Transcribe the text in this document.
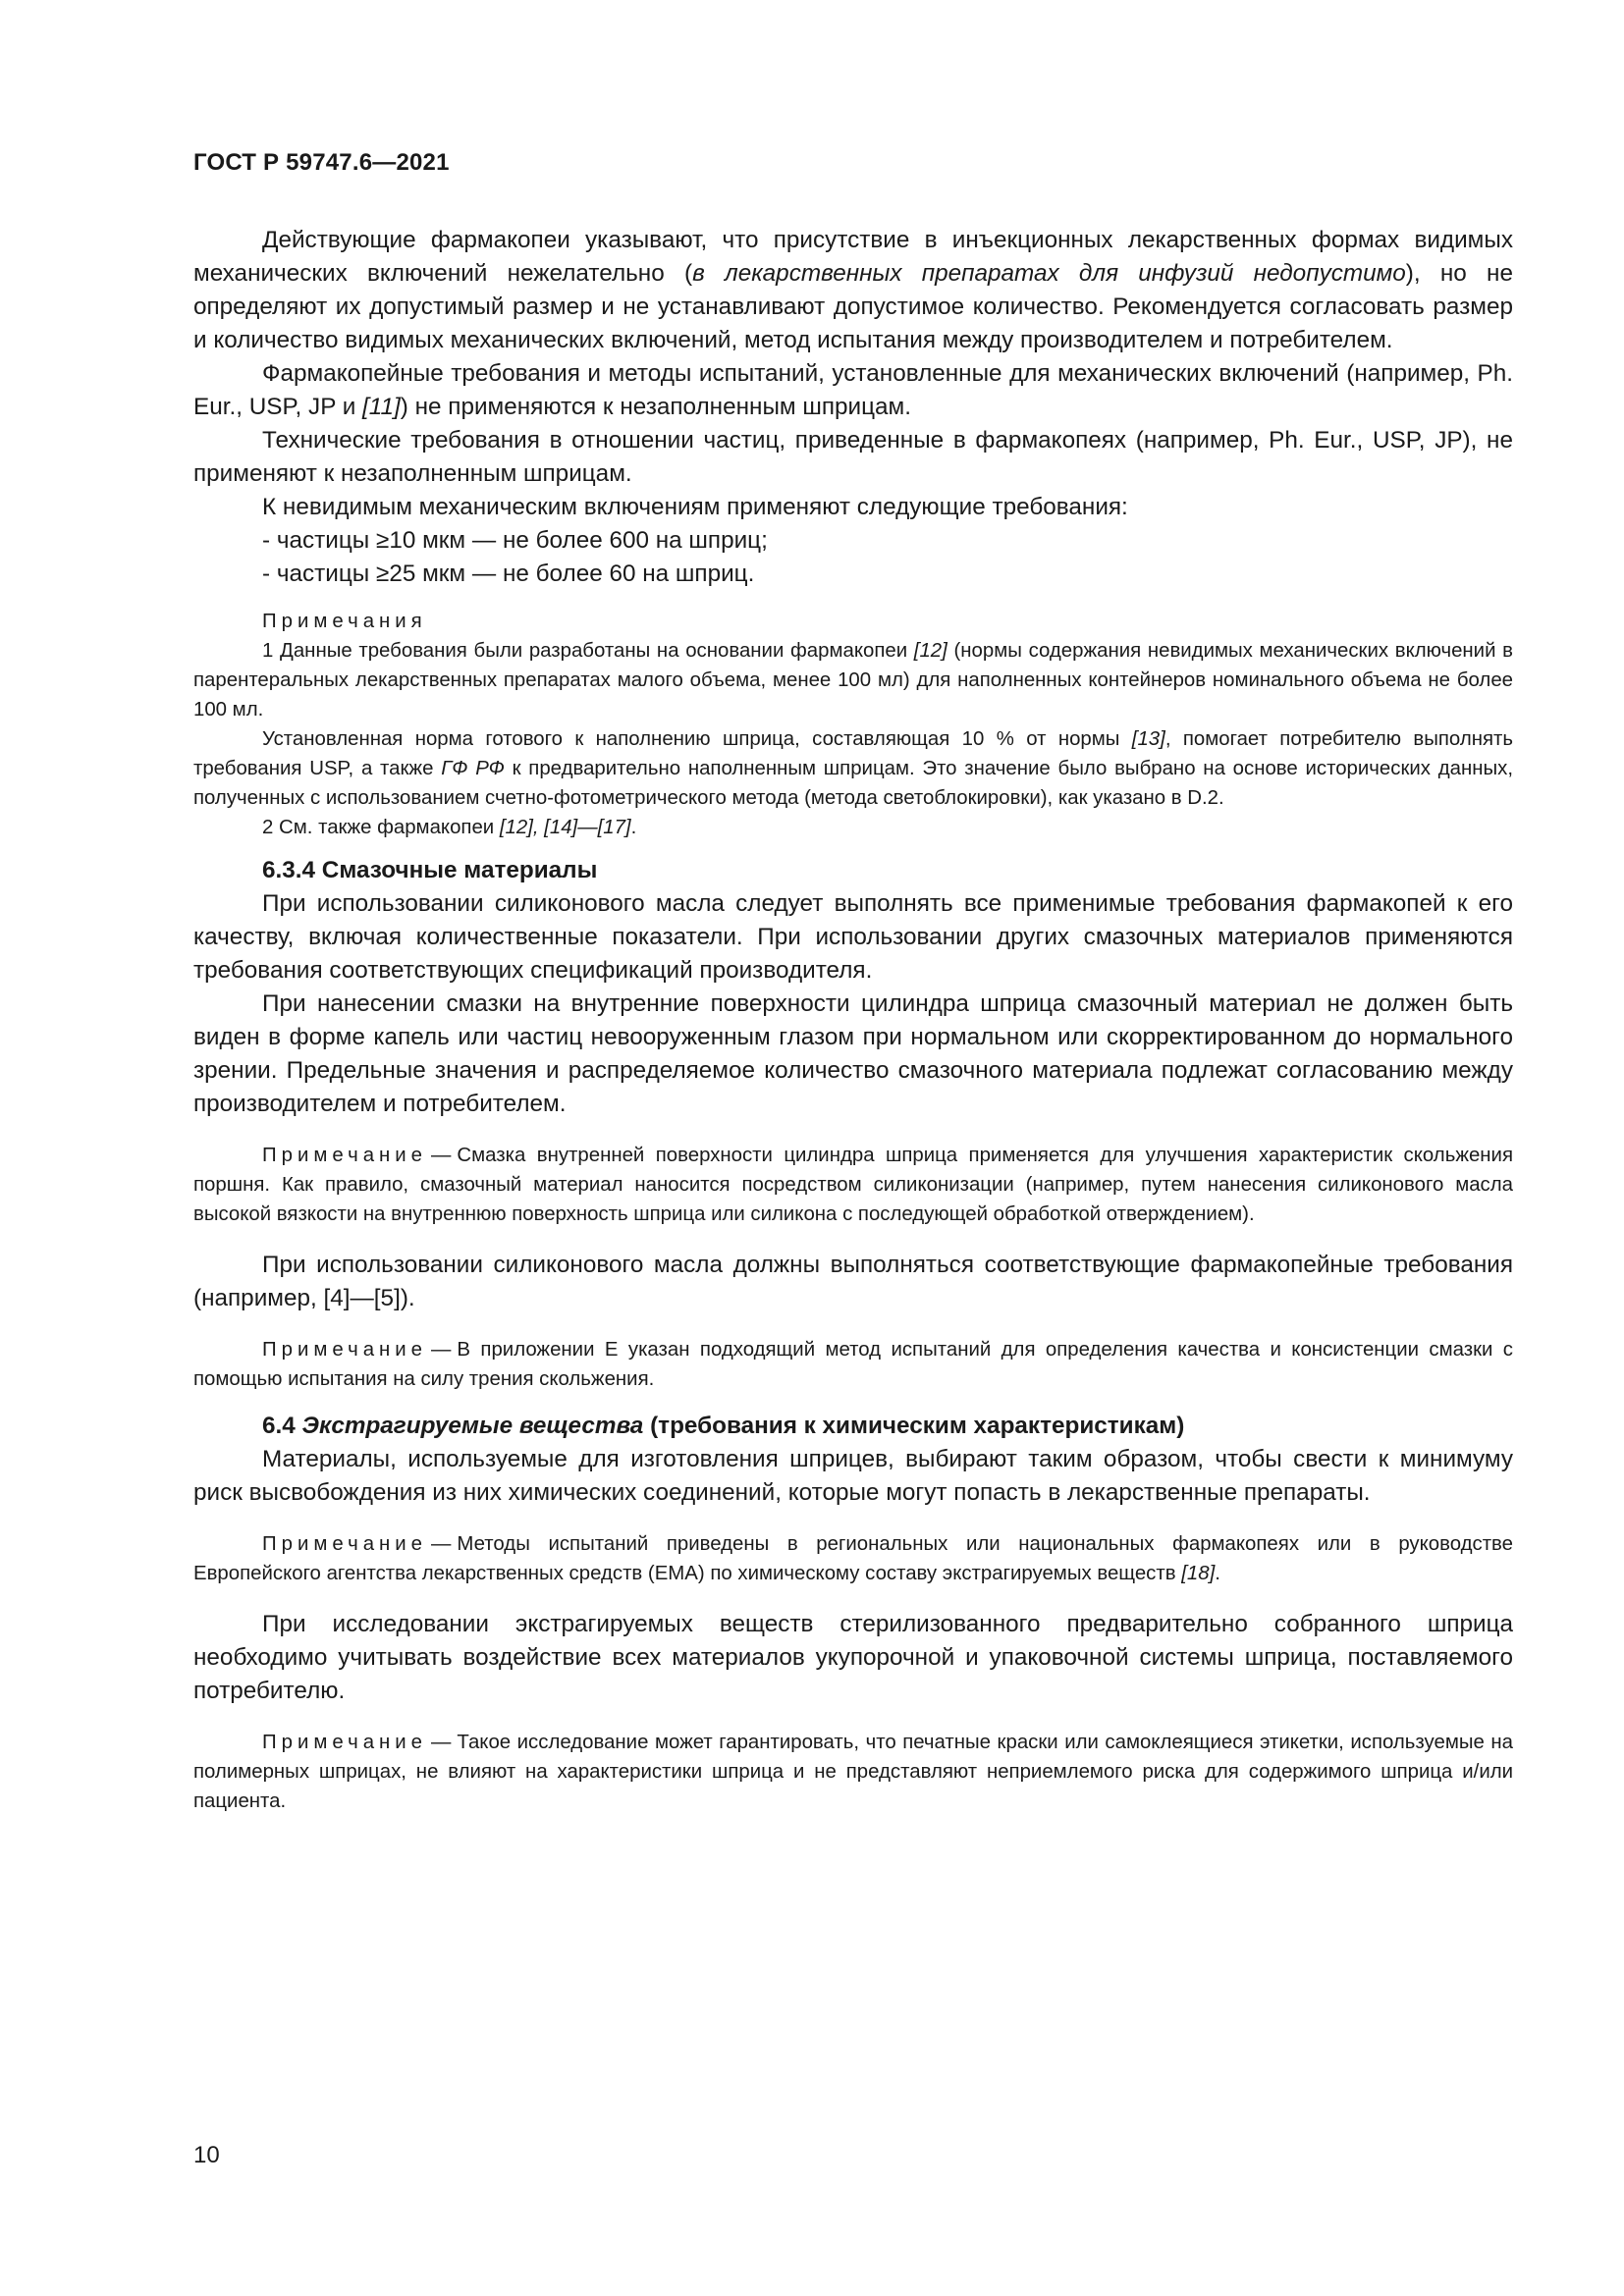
ГОСТ Р 59747.6—2021

Действующие фармакопеи указывают, что присутствие в инъекционных лекарственных формах видимых механических включений нежелательно (в лекарственных препаратах для инфузий недопустимо), но не определяют их допустимый размер и не устанавливают допустимое количество. Рекомендуется согласовать размер и количество видимых механических включений, метод испытания между производителем и потребителем.

Фармакопейные требования и методы испытаний, установленные для механических включений (например, Ph. Eur., USP, JP и [11]) не применяются к незаполненным шприцам.

Технические требования в отношении частиц, приведенные в фармакопеях (например, Ph. Eur., USP, JP), не применяют к незаполненным шприцам.

К невидимым механическим включениям применяют следующие требования:

- частицы ≥10 мкм — не более 600 на шприц;

- частицы ≥25 мкм — не более 60 на шприц.

Примечания

1 Данные требования были разработаны на основании фармакопеи [12] (нормы содержания невидимых механических включений в парентеральных лекарственных препаратах малого объема, менее 100 мл) для наполненных контейнеров номинального объема не более 100 мл.

Установленная норма готового к наполнению шприца, составляющая 10 % от нормы [13], помогает потребителю выполнять требования USP, а также ГФ РФ к предварительно наполненным шприцам. Это значение было выбрано на основе исторических данных, полученных с использованием счетно-фотометрического метода (метода светоблокировки), как указано в D.2.

2 См. также фармакопеи [12], [14]—[17].

6.3.4 Смазочные материалы

При использовании силиконового масла следует выполнять все применимые требования фармакопей к его качеству, включая количественные показатели. При использовании других смазочных материалов применяются требования соответствующих спецификаций производителя.

При нанесении смазки на внутренние поверхности цилиндра шприца смазочный материал не должен быть виден в форме капель или частиц невооруженным глазом при нормальном или скорректированном до нормального зрении. Предельные значения и распределяемое количество смазочного материала подлежат согласованию между производителем и потребителем.

Примечание — Смазка внутренней поверхности цилиндра шприца применяется для улучшения характеристик скольжения поршня. Как правило, смазочный материал наносится посредством силиконизации (например, путем нанесения силиконового масла высокой вязкости на внутреннюю поверхность шприца или силикона с последующей обработкой отверждением).

При использовании силиконового масла должны выполняться соответствующие фармакопейные требования (например, [4]—[5]).

Примечание — В приложении Е указан подходящий метод испытаний для определения качества и консистенции смазки с помощью испытания на силу трения скольжения.

6.4 Экстрагируемые вещества (требования к химическим характеристикам)

Материалы, используемые для изготовления шприцев, выбирают таким образом, чтобы свести к минимуму риск высвобождения из них химических соединений, которые могут попасть в лекарственные препараты.

Примечание — Методы испытаний приведены в региональных или национальных фармакопеях или в руководстве Европейского агентства лекарственных средств (EMA) по химическому составу экстрагируемых веществ [18].

При исследовании экстрагируемых веществ стерилизованного предварительно собранного шприца необходимо учитывать воздействие всех материалов укупорочной и упаковочной системы шприца, поставляемого потребителю.

Примечание — Такое исследование может гарантировать, что печатные краски или самоклеящиеся этикетки, используемые на полимерных шприцах, не влияют на характеристики шприца и не представляют неприемлемого риска для содержимого шприца и/или пациента.

10
